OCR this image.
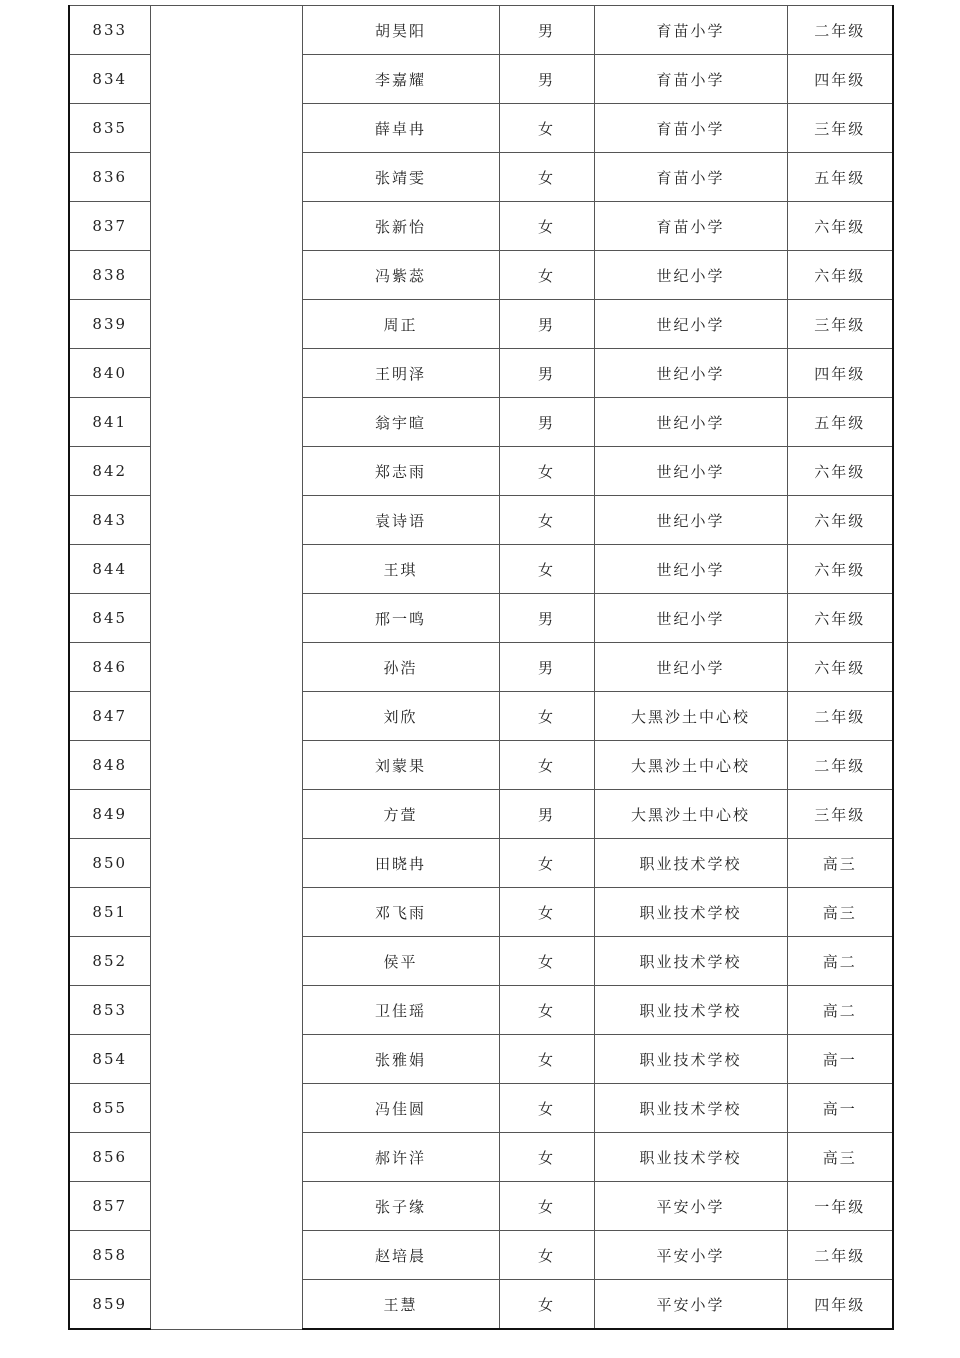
833		胡昊阳	男	育苗小学	二年级
834		李嘉耀	男	育苗小学	四年级
835		薛卓冉	女	育苗小学	三年级
836		张靖雯	女	育苗小学	五年级
837		张新怡	女	育苗小学	六年级
838		冯紫蕊	女	世纪小学	六年级
839		周正	男	世纪小学	三年级
840		王明泽	男	世纪小学	四年级
841		翁宇暄	男	世纪小学	五年级
842		郑志雨	女	世纪小学	六年级
843		袁诗语	女	世纪小学	六年级
844		王琪	女	世纪小学	六年级
845		邢一鸣	男	世纪小学	六年级
846		孙浩	男	世纪小学	六年级
847		刘欣	女	大黑沙土中心校	二年级
848		刘蒙果	女	大黑沙土中心校	二年级
849		方萱	男	大黑沙土中心校	三年级
850		田晓冉	女	职业技术学校	高三
851		邓飞雨	女	职业技术学校	高三
852		侯平	女	职业技术学校	高二
853		卫佳瑶	女	职业技术学校	高二
854		张雅娟	女	职业技术学校	高一
855		冯佳圆	女	职业技术学校	高一
856		郝许洋	女	职业技术学校	高三
857		张子缘	女	平安小学	一年级
858		赵培晨	女	平安小学	二年级
859		王慧	女	平安小学	四年级
